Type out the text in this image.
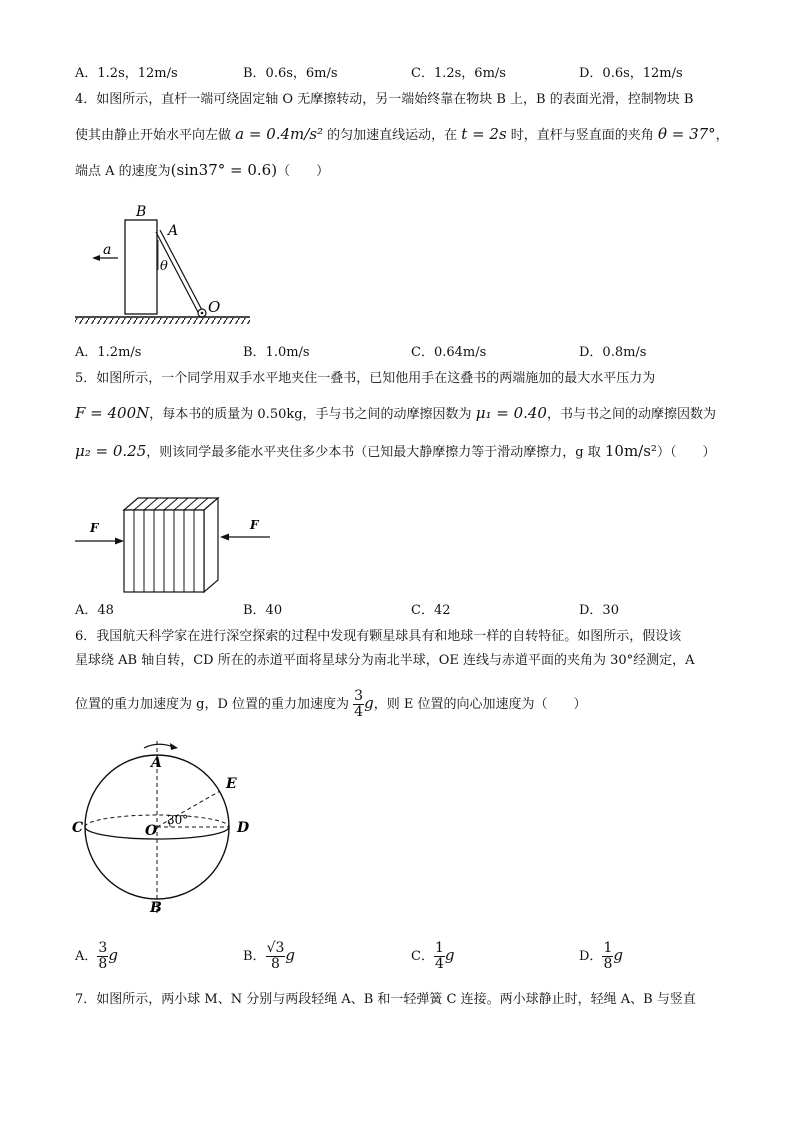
A．1.2s，12m/s	B．0.6s，6m/s	C．1.2s，6m/s	D．0.6s，12m/s
4．如图所示，直杆一端可绕固定轴 O 无摩擦转动，另一端始终靠在物块 B 上，B 的表面光滑，控制物块 B
使其由静止开始水平向左做 a = 0.4m/s² 的匀加速直线运动，在 t = 2s 时，直杆与竖直面的夹角 θ = 37°，
端点 A 的速度为(sin37° = 0.6)（　　）
B
A
a
θ
O
A．1.2m/s	B．1.0m/s	C．0.64m/s	D．0.8m/s
5．如图所示，一个同学用双手水平地夹住一叠书，已知他用手在这叠书的两端施加的最大水平压力为
F = 400N，每本书的质量为 0.50kg，手与书之间的动摩擦因数为 μ₁ = 0.40，书与书之间的动摩擦因数为
μ₂ = 0.25，则该同学最多能水平夹住多少本书（已知最大静摩擦力等于滑动摩擦力，g 取 10m/s²）（　　）
F	F
A．48	B．40	C．42	D．30
6．我国航天科学家在进行深空探索的过程中发现有颗星球具有和地球一样的自转特征。如图所示，假设该
星球绕 AB 轴自转，CD 所在的赤道平面将星球分为南北半球，OE 连线与赤道平面的夹角为 30°经测定，A
位置的重力加速度为 g，D 位置的重力加速度为 $\frac{3}{4}$ g，则 E 位置的向心加速度为（　　）
A
B
C	D
E
O
30°
A． $\frac{3}{8}$ g	B． $\frac{√3}{8}$ g	C． $\frac{1}{4}$ g	D． $\frac{1}{8}$ g
7．如图所示，两小球 M、N 分别与两段轻绳 A、B 和一轻弹簧 C 连接。两小球静止时，轻绳 A、B 与竖直
